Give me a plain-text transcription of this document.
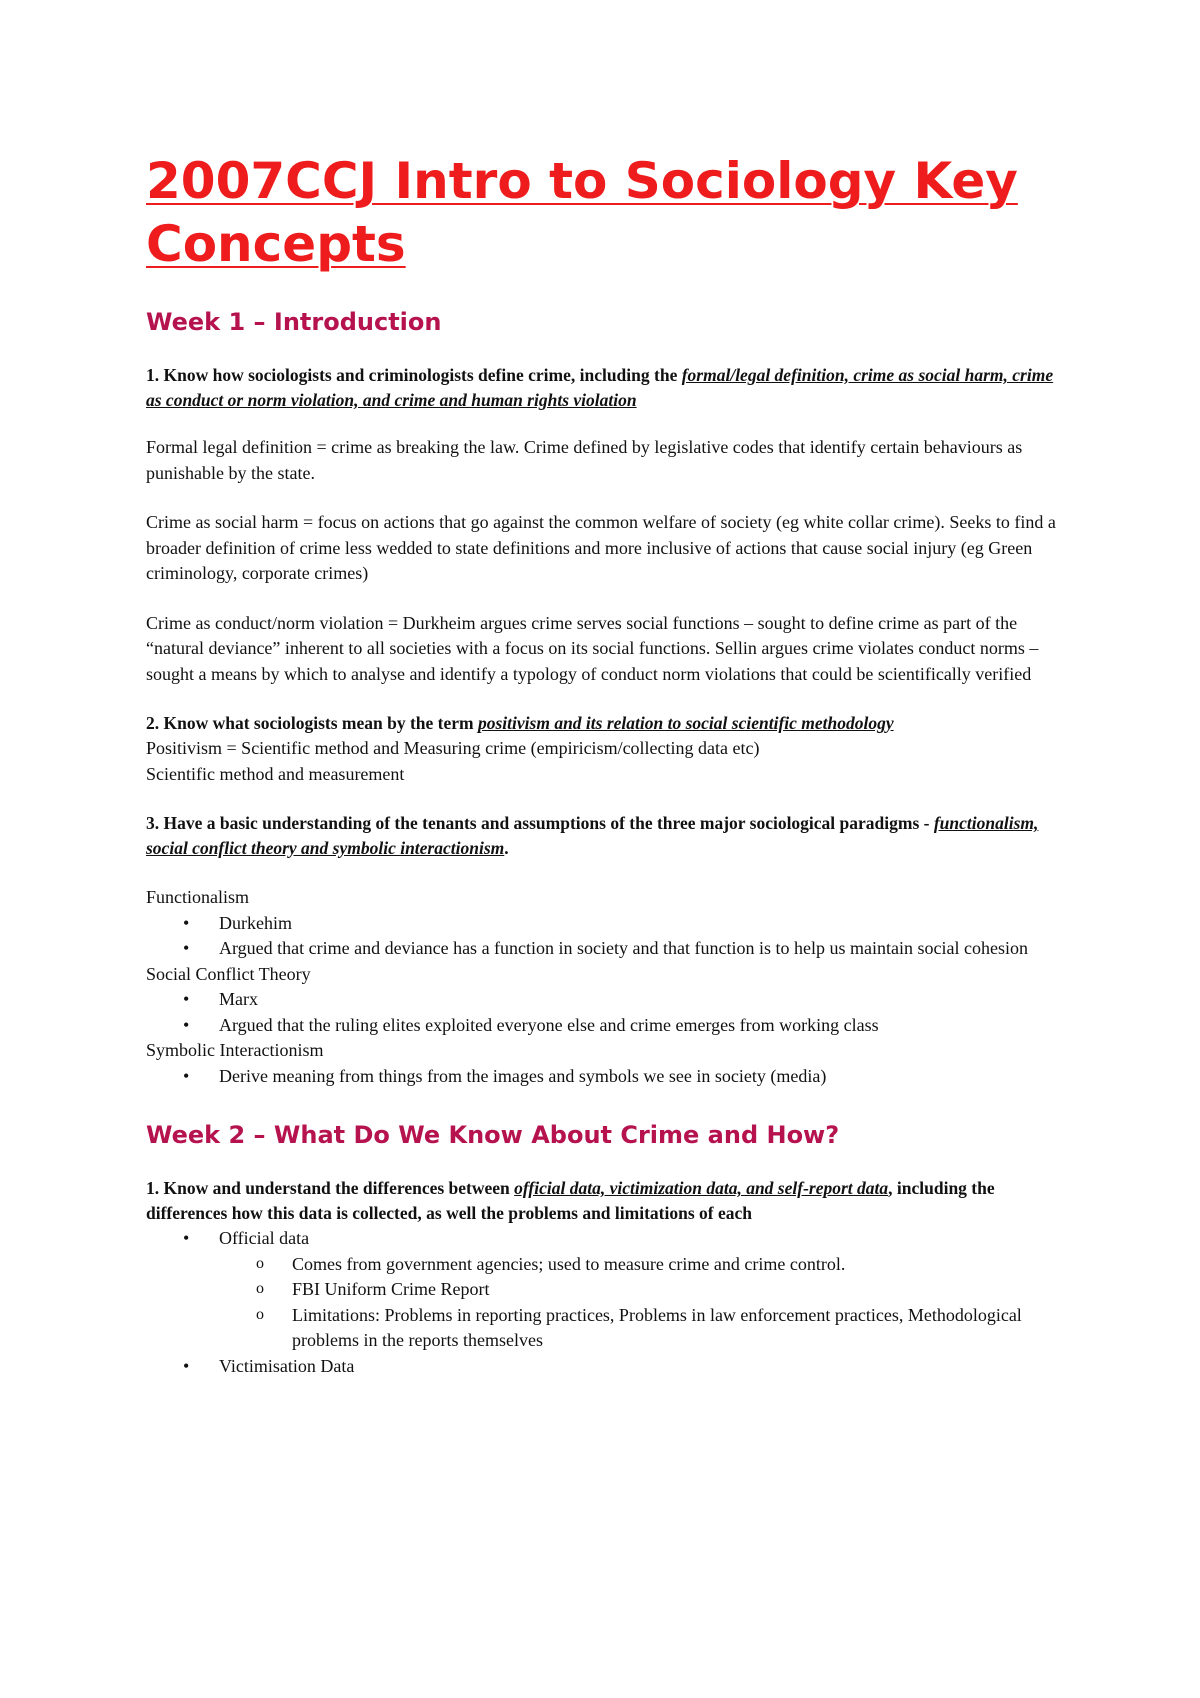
2007CCJ Intro to Sociology Key
Concepts
Week 1 – Introduction

1. Know how sociologists and criminologists define crime, including the formal/legal definition, crime as social harm, crime as conduct or norm violation, and crime and human rights violation

Formal legal definition = crime as breaking the law. Crime defined by legislative codes that identify certain behaviours as punishable by the state.

Crime as social harm = focus on actions that go against the common welfare of society (eg white collar crime). Seeks to find a broader definition of crime less wedded to state definitions and more inclusive of actions that cause social injury (eg Green criminology, corporate crimes)

Crime as conduct/norm violation = Durkheim argues crime serves social functions – sought to define crime as part of the “natural deviance” inherent to all societies with a focus on its social functions. Sellin argues crime violates conduct norms – sought a means by which to analyse and identify a typology of conduct norm violations that could be scientifically verified

2. Know what sociologists mean by the term positivism and its relation to social scientific methodology

Positivism = Scientific method and Measuring crime (empiricism/collecting data etc)

Scientific method and measurement

3. Have a basic understanding of the tenants and assumptions of the three major sociological paradigms - functionalism, social conflict theory and symbolic interactionism.

Functionalism

• Durkehim
• Argued that crime and deviance has a function in society and that function is to help us maintain social cohesion

Social Conflict Theory

• Marx
• Argued that the ruling elites exploited everyone else and crime emerges from working class

Symbolic Interactionism

• Derive meaning from things from the images and symbols we see in society (media)
Week 2 – What Do We Know About Crime and How?

1. Know and understand the differences between official data, victimization data, and self-report data, including the differences how this data is collected, as well the problems and limitations of each

• Official data
o Comes from government agencies; used to measure crime and crime control.
o FBI Uniform Crime Report
o Limitations: Problems in reporting practices, Problems in law enforcement practices, Methodological problems in the reports themselves
• Victimisation Data
